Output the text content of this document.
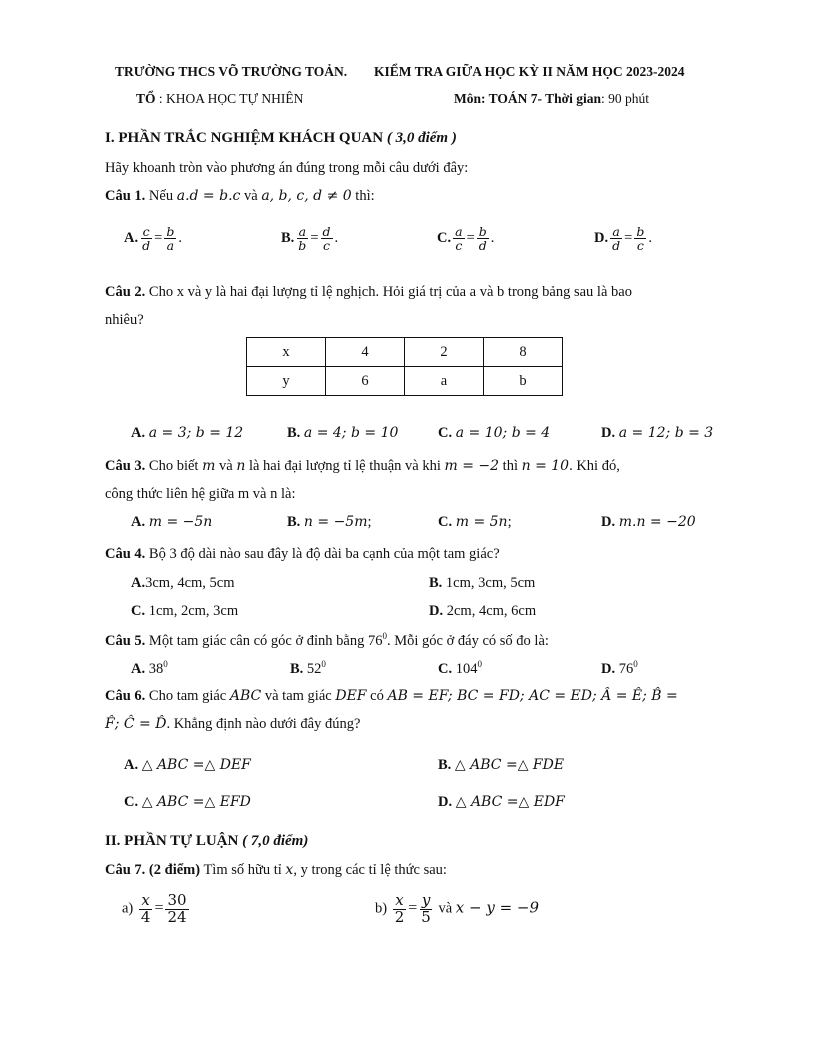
TRƯỜNG THCS VÕ TRƯỜNG TOẢN. KIỂM TRA GIỮA HỌC KỲ II NĂM HỌC 2023-2024
TỔ : KHOA HỌC TỰ NHIÊN	Môn: TOÁN 7- Thời gian: 90 phút
I. PHẦN TRẮC NGHIỆM KHÁCH QUAN ( 3,0 điểm )
Hãy khoanh tròn vào phương án đúng trong mỗi câu dưới đây:
Câu 1. Nếu a.d = b.c và a, b, c, d ≠ 0 thì:
A. $\frac{c}{d} = \frac{b}{a}$ .	B. $\frac{a}{b} = \frac{d}{c}$ .	C. $\frac{a}{c} = \frac{b}{d}$ .	D. $\frac{a}{d} = \frac{b}{c}$ .
Câu 2. Cho x và y là hai đại lượng tỉ lệ nghịch. Hỏi giá trị của a và b trong bảng sau là bao
nhiêu?
x	4	2	8
y	6	a	b
A. a = 3; b = 12	B. a = 4; b = 10	C. a = 10; b = 4	D. a = 12; b = 3
Câu 3. Cho biết m và n là hai đại lượng tỉ lệ thuận và khi m = −2 thì n = 10. Khi đó,
công thức liên hệ giữa m và n là:
A. m = −5n	B. n = −5m;	C. m = 5n;	D. m.n = −20
Câu 4. Bộ 3 độ dài nào sau đây là độ dài ba cạnh của một tam giác?
A.3cm, 4cm, 5cm	B. 1cm, 3cm, 5cm
C. 1cm, 2cm, 3cm	D. 2cm, 4cm, 6cm
Câu 5. Một tam giác cân có góc ở đỉnh bằng $76^0$. Mỗi góc ở đáy có số đo là:
A. $38^0$	B. $52^0$	C. $104^0$	D. $76^0$
Câu 6. Cho tam giác ABC và tam giác DEF có AB = EF; BC = FD; AC = ED; Â = Ê; B̂ =
F̂; Ĉ = D̂. Khẳng định nào dưới đây đúng?
A. △ ABC =△ DEF	B. △ ABC =△ FDE
C. △ ABC =△ EFD	D. △ ABC =△ EDF
II. PHẦN TỰ LUẬN ( 7,0 điểm)
Câu 7. (2 điểm) Tìm số hữu tỉ x, y trong các tỉ lệ thức sau:
$a) \frac{x}{4} = \frac{30}{24}$	$b) \frac{x}{2} = \frac{y}{5}$ và x − y = −9
